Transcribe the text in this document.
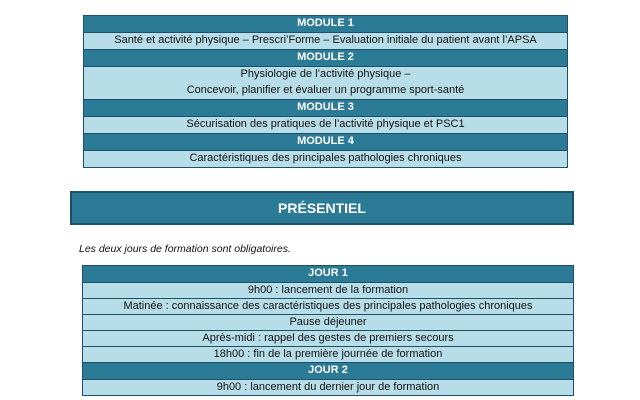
MODULE 1
Santé et activité physique – Prescri’Forme – Evaluation initiale du patient avant l’APSA
MODULE 2
Physiologie de l’activité physique –
Concevoir, planifier et évaluer un programme sport-santé
MODULE 3
Sécurisation des pratiques de l’activité physique et PSC1
MODULE 4
Caractéristiques des principales pathologies chroniques
PRÉSENTIEL
Les deux jours de formation sont obligatoires.
JOUR 1
9h00 : lancement de la formation
Matinée : connaissance des caractéristiques des principales pathologies chroniques
Pause déjeuner
Après-midi : rappel des gestes de premiers secours
18h00 : fin de la première journée de formation
JOUR 2
9h00 : lancement du dernier jour de formation
